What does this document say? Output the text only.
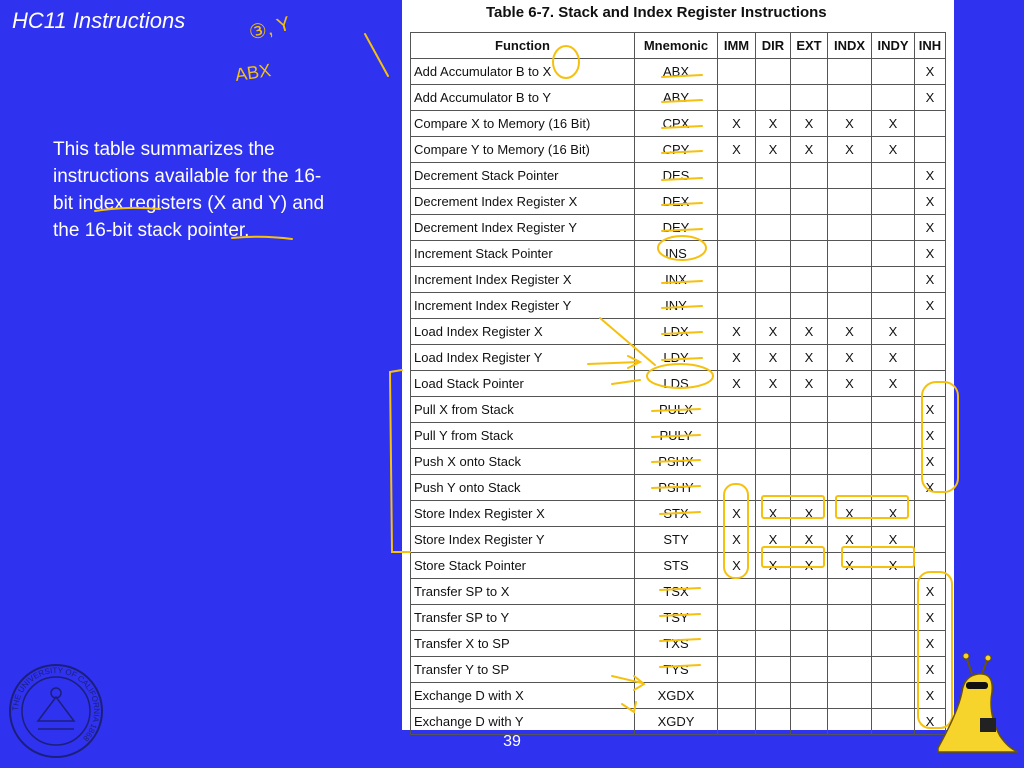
HC11 Instructions
This table summarizes the instructions available for the 16-bit index registers (X and Y) and the 16-bit stack pointer.
Table 6-7. Stack and Index Register Instructions
Function	Mnemonic	IMM	DIR	EXT	INDX	INDY	INH
Add Accumulator B to X	ABX						X
Add Accumulator B to Y	ABY						X
Compare X to Memory (16 Bit)	CPX	X	X	X	X	X	
Compare Y to Memory (16 Bit)	CPY	X	X	X	X	X	
Decrement Stack Pointer	DES						X
Decrement Index Register X	DEX						X
Decrement Index Register Y	DEY						X
Increment Stack Pointer	INS						X
Increment Index Register X	INX						X
Increment Index Register Y	INY						X
Load Index Register X	LDX	X	X	X	X	X	
Load Index Register Y	LDY	X	X	X	X	X	
Load Stack Pointer	LDS	X	X	X	X	X	
Pull X from Stack	PULX						X
Pull Y from Stack	PULY						X
Push X onto Stack	PSHX						X
Push Y onto Stack	PSHY						X
Store Index Register X	STX	X	X	X	X	X	
Store Index Register Y	STY	X	X	X	X	X	
Store Stack Pointer	STS	X	X	X	X	X	
Transfer SP to X	TSX						X
Transfer SP to Y	TSY						X
Transfer X to SP	TXS						X
Transfer Y to SP	TYS						X
Exchange D with X	XGDX						X
Exchange D with Y	XGDY						X
③, Y
ABX
39
THE UNIVERSITY OF CALIFORNIA 1868
